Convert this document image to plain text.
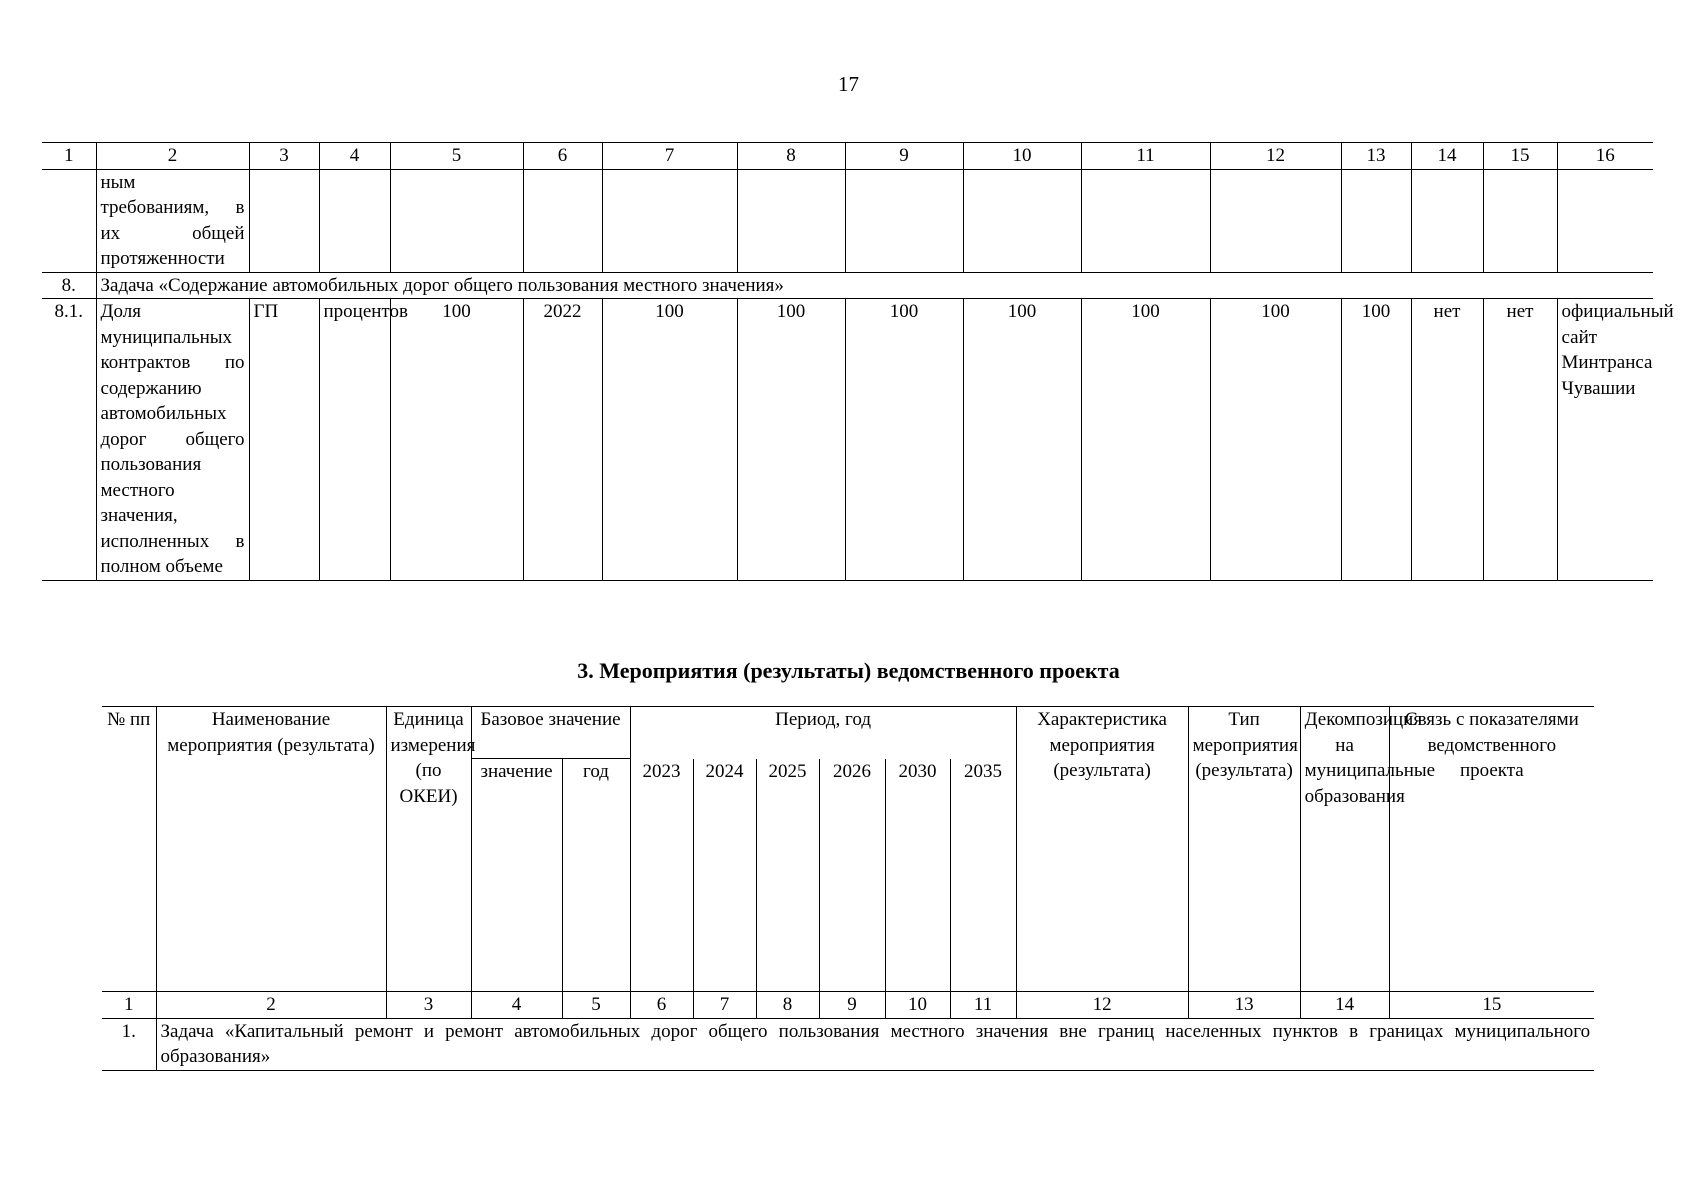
17
1	2	3	4	5	6	7	8	9	10	11	12	13	14	15	16
	ным требованиям, в их общей протяженности														
8.	Задача «Содержание автомобильных дорог общего пользования местного значения»														
8.1.	Доля муниципальных контрактов по содержанию автомобильных дорог общего пользования местного значения, исполненных в полном объеме	ГП	процентов	100	2022	100	100	100	100	100	100	100	нет	нет	официальный сайт Минтранса Чувашии
3. Мероприятия (результаты) ведомственного проекта
№ пп	Наименование мероприятия (результата)	Единица измерения (по ОКЕИ)	Базовое значение		Период, год						Характеристика мероприятия (результата)	Тип мероприятия (результата)	Декомпозиция на муниципальные образования	Связь с показателями ведомственного проекта
			значение	год	2023	2024	2025	2026	2030	2035				
1	2	3	4	5	6	7	8	9	10	11	12	13	14	15
1.	Задача «Капитальный ремонт и ремонт автомобильных дорог общего пользования местного значения вне границ населенных пунктов в границах муниципального образования»													
